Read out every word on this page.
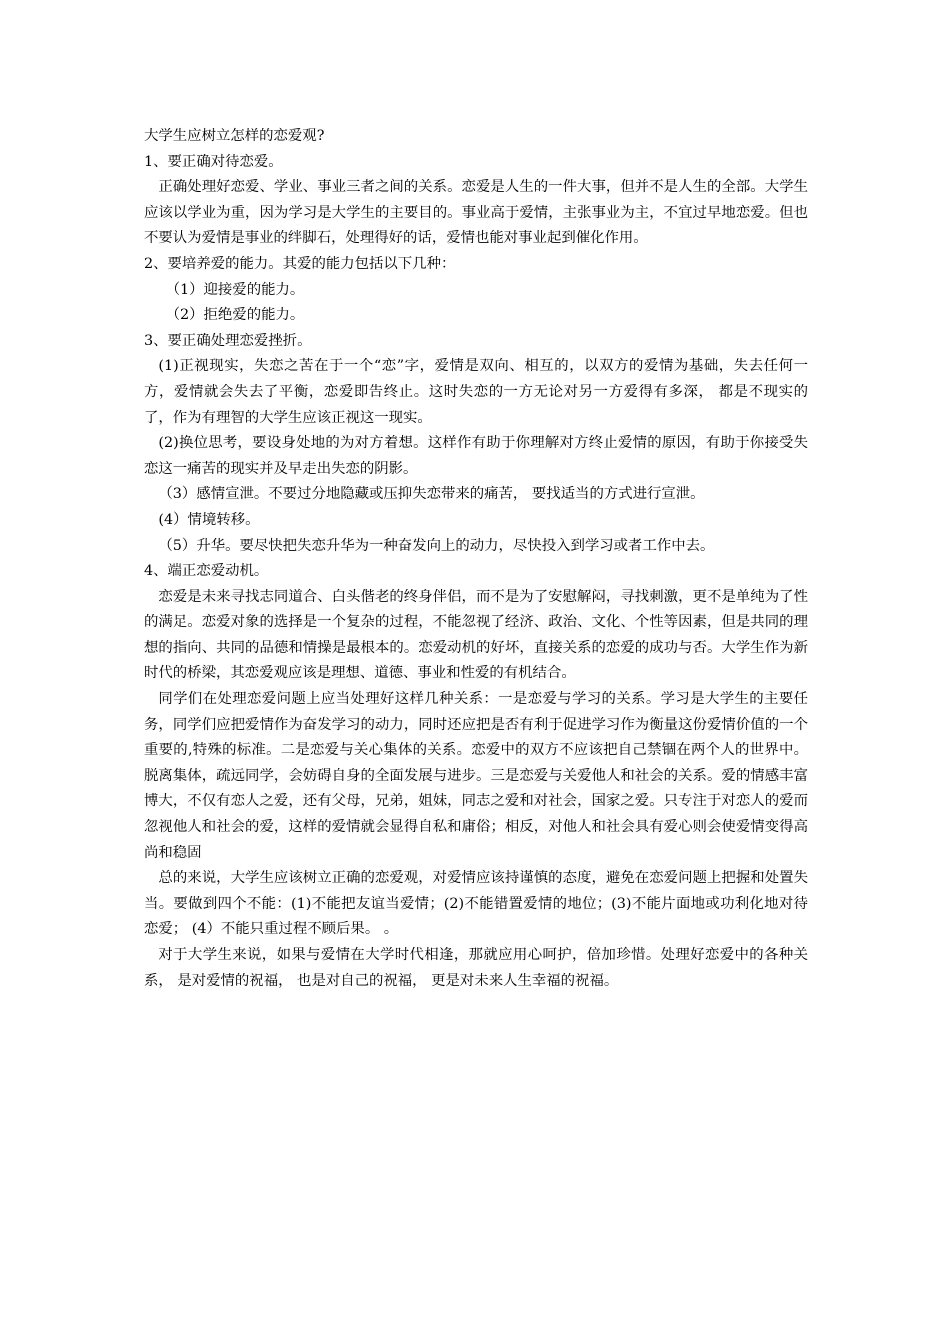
大学生应树立怎样的恋爱观?

1、要正确对待恋爱。

正确处理好恋爱、学业、事业三者之间的关系。恋爱是人生的一件大事，但并不是人生的全部。大学生应该以学业为重，因为学习是大学生的主要目的。事业高于爱情，主张事业为主，不宜过早地恋爱。但也不要认为爱情是事业的绊脚石，处理得好的话，爱情也能对事业起到催化作用。

2、要培养爱的能力。其爱的能力包括以下几种：

（1）迎接爱的能力。

（2）拒绝爱的能力。

3、要正确处理恋爱挫折。

(1)正视现实，失恋之苦在于一个“恋”字，爱情是双向、相互的，以双方的爱情为基础，失去任何一方，爱情就会失去了平衡，恋爱即告终止。这时失恋的一方无论对另一方爱得有多深， 都是不现实的了，作为有理智的大学生应该正视这一现实。

(2)换位思考，要设身处地的为对方着想。这样作有助于你理解对方终止爱情的原因，有助于你接受失恋这一痛苦的现实并及早走出失恋的阴影。

（3）感情宣泄。不要过分地隐藏或压抑失恋带来的痛苦， 要找适当的方式进行宣泄。

(4）情境转移。

（5）升华。要尽快把失恋升华为一种奋发向上的动力，尽快投入到学习或者工作中去。

4、端正恋爱动机。

恋爱是未来寻找志同道合、白头偕老的终身伴侣，而不是为了安慰解闷，寻找刺激，更不是单纯为了性的满足。恋爱对象的选择是一个复杂的过程，不能忽视了经济、政治、文化、个性等因素，但是共同的理想的指向、共同的品德和情操是最根本的。恋爱动机的好坏，直接关系的恋爱的成功与否。大学生作为新时代的桥梁，其恋爱观应该是理想、道德、事业和性爱的有机结合。

同学们在处理恋爱问题上应当处理好这样几种关系：一是恋爱与学习的关系。学习是大学生的主要任务，同学们应把爱情作为奋发学习的动力，同时还应把是否有利于促进学习作为衡量这份爱情价值的一个重要的,特殊的标准。二是恋爱与关心集体的关系。恋爱中的双方不应该把自己禁锢在两个人的世界中。脱离集体，疏远同学，会妨碍自身的全面发展与进步。三是恋爱与关爱他人和社会的关系。爱的情感丰富博大，不仅有恋人之爱，还有父母，兄弟，姐妹，同志之爱和对社会，国家之爱。只专注于对恋人的爱而忽视他人和社会的爱，这样的爱情就会显得自私和庸俗；相反，对他人和社会具有爱心则会使爱情变得高尚和稳固

总的来说，大学生应该树立正确的恋爱观，对爱情应该持谨慎的态度，避免在恋爱问题上把握和处置失当。要做到四个不能：(1)不能把友谊当爱情；(2)不能错置爱情的地位；(3)不能片面地或功利化地对待恋爱； (4）不能只重过程不顾后果。 。

对于大学生来说，如果与爱情在大学时代相逢，那就应用心呵护，倍加珍惜。处理好恋爱中的各种关系， 是对爱情的祝福， 也是对自己的祝福， 更是对未来人生幸福的祝福。
